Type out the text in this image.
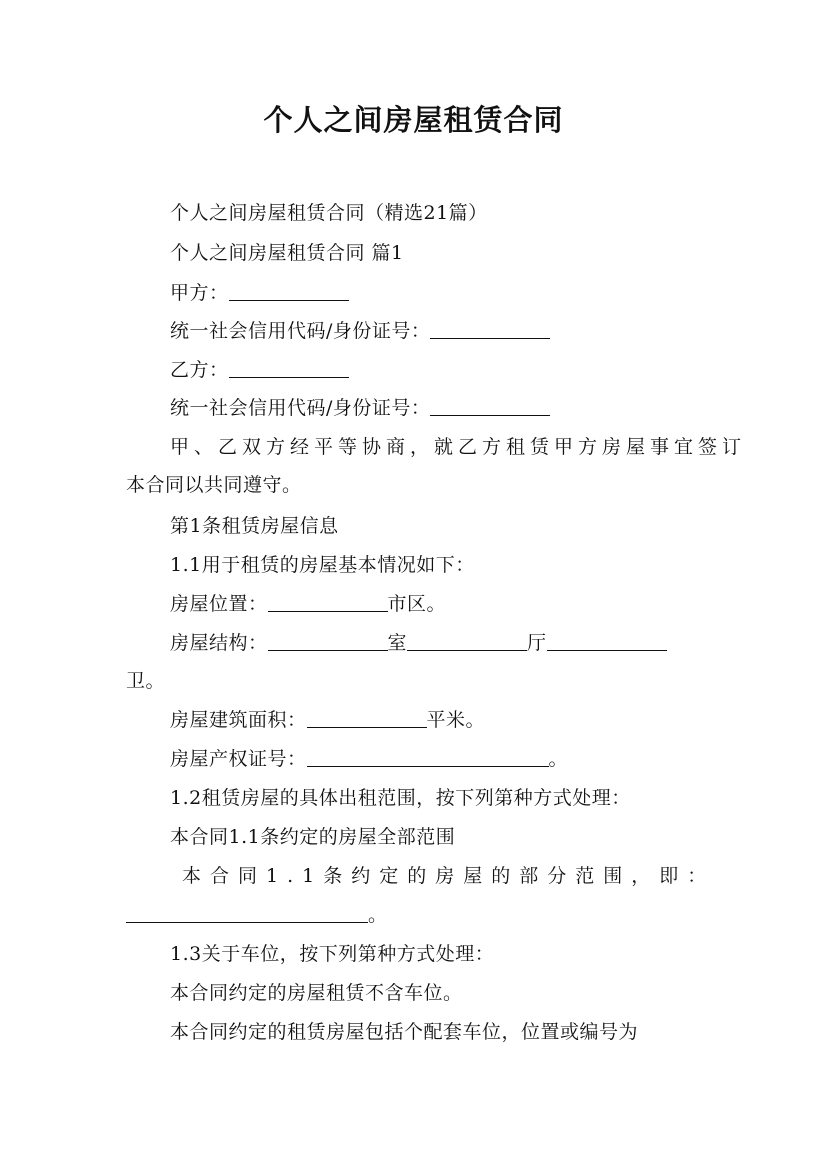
个人之间房屋租赁合同
个人之间房屋租赁合同（精选21篇）
个人之间房屋租赁合同 篇1
甲方：
统一社会信用代码/身份证号：
乙方：
统一社会信用代码/身份证号：
甲、乙双方经平等协商，就乙方租赁甲方房屋事宜签订
本合同以共同遵守。
第1条租赁房屋信息
1.1用于租赁的房屋基本情况如下：
房屋位置：	市区。
房屋结构：	室	厅
卫。
房屋建筑面积：	平米。
房屋产权证号：	。
1.2租赁房屋的具体出租范围，按下列第种方式处理：
本合同1.1条约定的房屋全部范围
本合同1.1条约定的房屋的部分范围，即：
。
1.3关于车位，按下列第种方式处理：
本合同约定的房屋租赁不含车位。
本合同约定的租赁房屋包括个配套车位，位置或编号为
